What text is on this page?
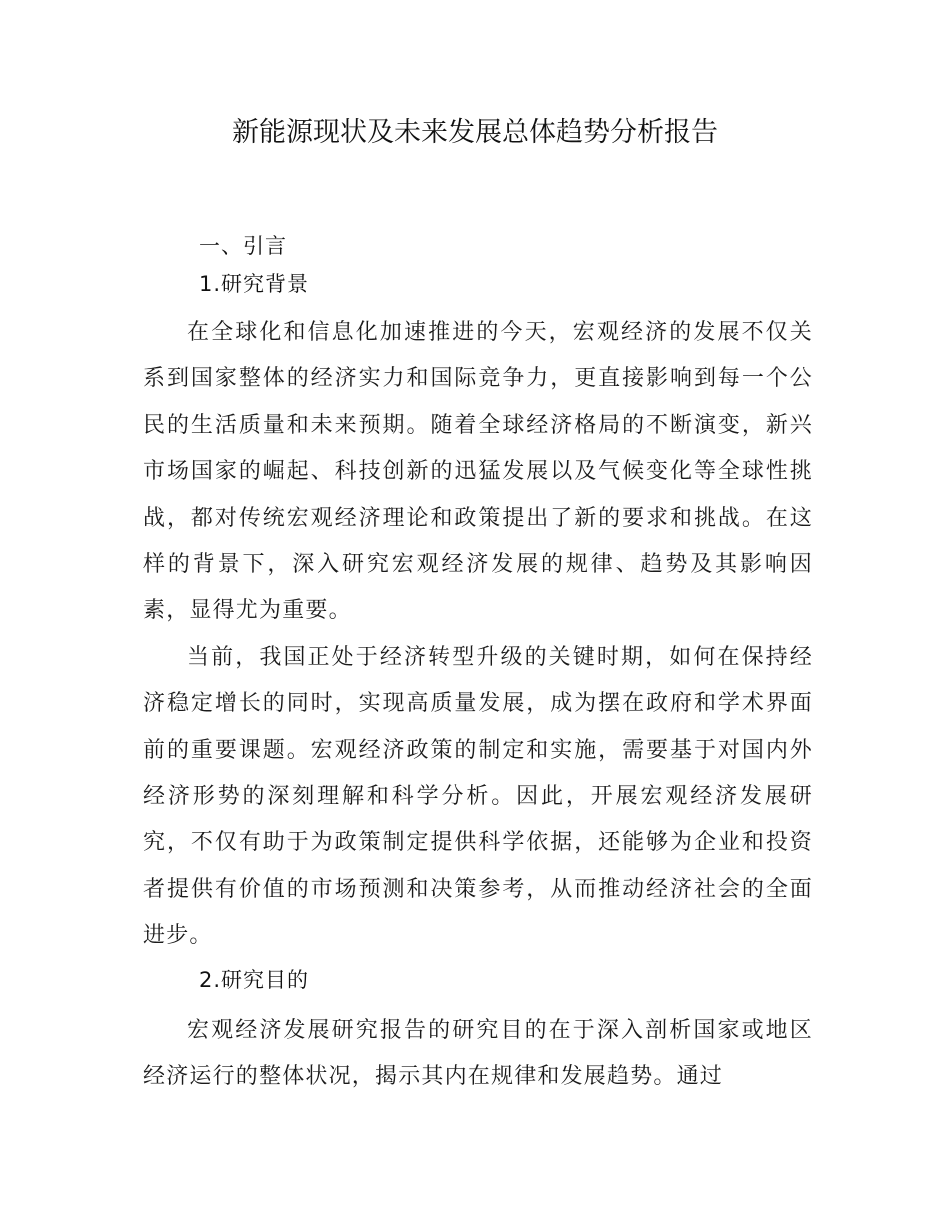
新能源现状及未来发展总体趋势分析报告
一、引言
1.研究背景

在全球化和信息化加速推进的今天，宏观经济的发展不仅关系到国家整体的经济实力和国际竞争力，更直接影响到每一个公民的生活质量和未来预期。随着全球经济格局的不断演变，新兴市场国家的崛起、科技创新的迅猛发展以及气候变化等全球性挑战，都对传统宏观经济理论和政策提出了新的要求和挑战。在这样的背景下，深入研究宏观经济发展的规律、趋势及其影响因素，显得尤为重要。

当前，我国正处于经济转型升级的关键时期，如何在保持经济稳定增长的同时，实现高质量发展，成为摆在政府和学术界面前的重要课题。宏观经济政策的制定和实施，需要基于对国内外经济形势的深刻理解和科学分析。因此，开展宏观经济发展研究，不仅有助于为政策制定提供科学依据，还能够为企业和投资者提供有价值的市场预测和决策参考，从而推动经济社会的全面进步。

2.研究目的

宏观经济发展研究报告的研究目的在于深入剖析国家或地区经济运行的整体状况，揭示其内在规律和发展趋势。通过
